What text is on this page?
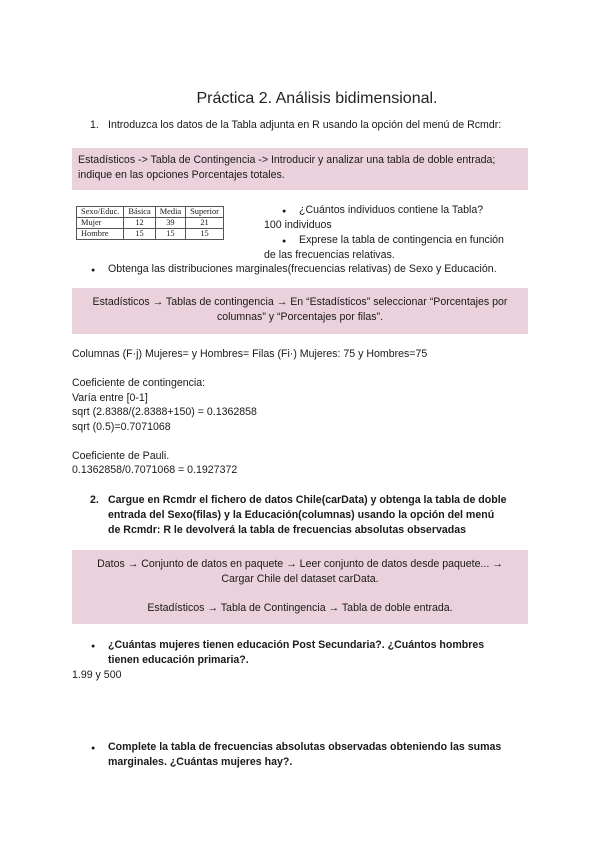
Práctica 2. Análisis bidimensional.
1. Introduzca los datos de la Tabla adjunta en R usando la opción del menú de Rcmdr:
Estadísticos -> Tabla de Contingencia -> Introducir y analizar una tabla de doble entrada;
indique en las opciones Porcentajes totales.
Sexo/Educ.	Básica	Media	Superior
Mujer	12	39	21
Hombre	15	15	15
● ¿Cuántos individuos contiene la Tabla?
100 individuos
● Exprese la tabla de contingencia en función
de las frecuencias relativas.
● Obtenga las distribuciones marginales(frecuencias relativas) de Sexo y Educación.
Estadísticos → Tablas de contingencia → En “Estadísticos” seleccionar “Porcentajes por
columnas” y “Porcentajes por filas”.
Columnas (F·j) Mujeres= y Hombres= Filas (Fi·) Mujeres: 75 y Hombres=75
Coeficiente de contingencia:
Varía entre [0-1]
sqrt (2.8388/(2.8388+150) = 0.1362858
sqrt (0.5)=0.7071068
Coeficiente de Pauli.
0.1362858/0.7071068 = 0.1927372
2. Cargue en Rcmdr el fichero de datos Chile(carData) y obtenga la tabla de doble
entrada del Sexo(filas) y la Educación(columnas) usando la opción del menú
de Rcmdr: R le devolverá la tabla de frecuencias absolutas observadas
Datos → Conjunto de datos en paquete → Leer conjunto de datos desde paquete... →
Cargar Chile del dataset carData.
Estadísticos → Tabla de Contingencia → Tabla de doble entrada.
● ¿Cuántas mujeres tienen educación Post Secundaria?. ¿Cuántos hombres
tienen educación primaria?.
1.99 y 500
● Complete la tabla de frecuencias absolutas observadas obteniendo las sumas
marginales. ¿Cuántas mujeres hay?.
